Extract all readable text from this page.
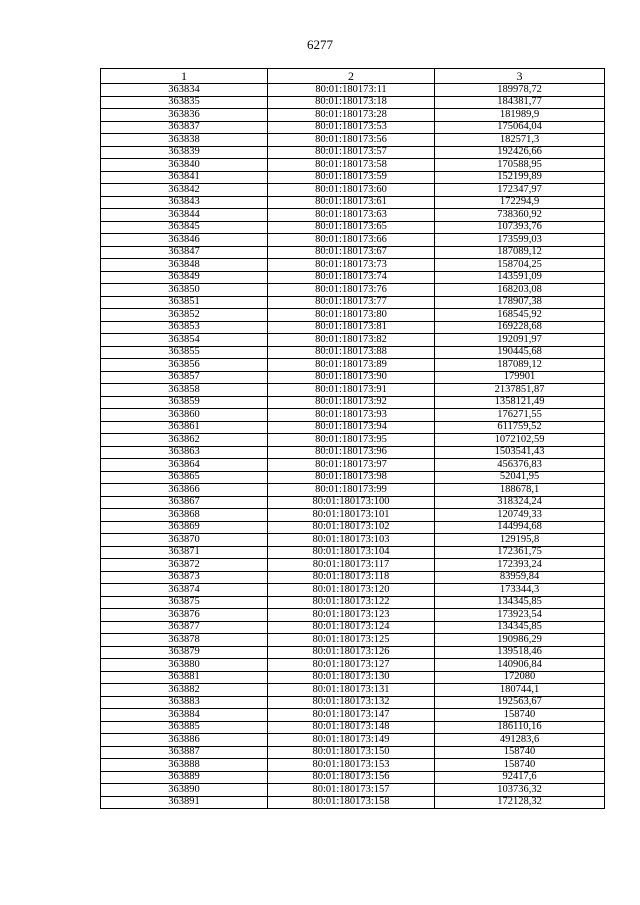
6277
1	2	3
363834	80:01:180173:11	189978,72
363835	80:01:180173:18	184381,77
363836	80:01:180173:28	181989,9
363837	80:01:180173:53	175064,04
363838	80:01:180173:56	182571,3
363839	80:01:180173:57	192426,66
363840	80:01:180173:58	170588,95
363841	80:01:180173:59	152199,89
363842	80:01:180173:60	172347,97
363843	80:01:180173:61	172294,9
363844	80:01:180173:63	738360,92
363845	80:01:180173:65	107393,76
363846	80:01:180173:66	173599,03
363847	80:01:180173:67	187089,12
363848	80:01:180173:73	158704,25
363849	80:01:180173:74	143591,09
363850	80:01:180173:76	168203,08
363851	80:01:180173:77	178907,38
363852	80:01:180173:80	168545,92
363853	80:01:180173:81	169228,68
363854	80:01:180173:82	192091,97
363855	80:01:180173:88	190445,68
363856	80:01:180173:89	187089,12
363857	80:01:180173:90	179901
363858	80:01:180173:91	2137851,87
363859	80:01:180173:92	1358121,49
363860	80:01:180173:93	176271,55
363861	80:01:180173:94	611759,52
363862	80:01:180173:95	1072102,59
363863	80:01:180173:96	1503541,43
363864	80:01:180173:97	456376,83
363865	80:01:180173:98	52041,95
363866	80:01:180173:99	188678,1
363867	80:01:180173:100	318324,24
363868	80:01:180173:101	120749,33
363869	80:01:180173:102	144994,68
363870	80:01:180173:103	129195,8
363871	80:01:180173:104	172361,75
363872	80:01:180173:117	172393,24
363873	80:01:180173:118	83959,84
363874	80:01:180173:120	173344,3
363875	80:01:180173:122	134345,85
363876	80:01:180173:123	173923,54
363877	80:01:180173:124	134345,85
363878	80:01:180173:125	190986,29
363879	80:01:180173:126	139518,46
363880	80:01:180173:127	140906,84
363881	80:01:180173:130	172080
363882	80:01:180173:131	180744,1
363883	80:01:180173:132	192563,67
363884	80:01:180173:147	158740
363885	80:01:180173:148	186110,16
363886	80:01:180173:149	491283,6
363887	80:01:180173:150	158740
363888	80:01:180173:153	158740
363889	80:01:180173:156	92417,6
363890	80:01:180173:157	103736,32
363891	80:01:180173:158	172128,32
